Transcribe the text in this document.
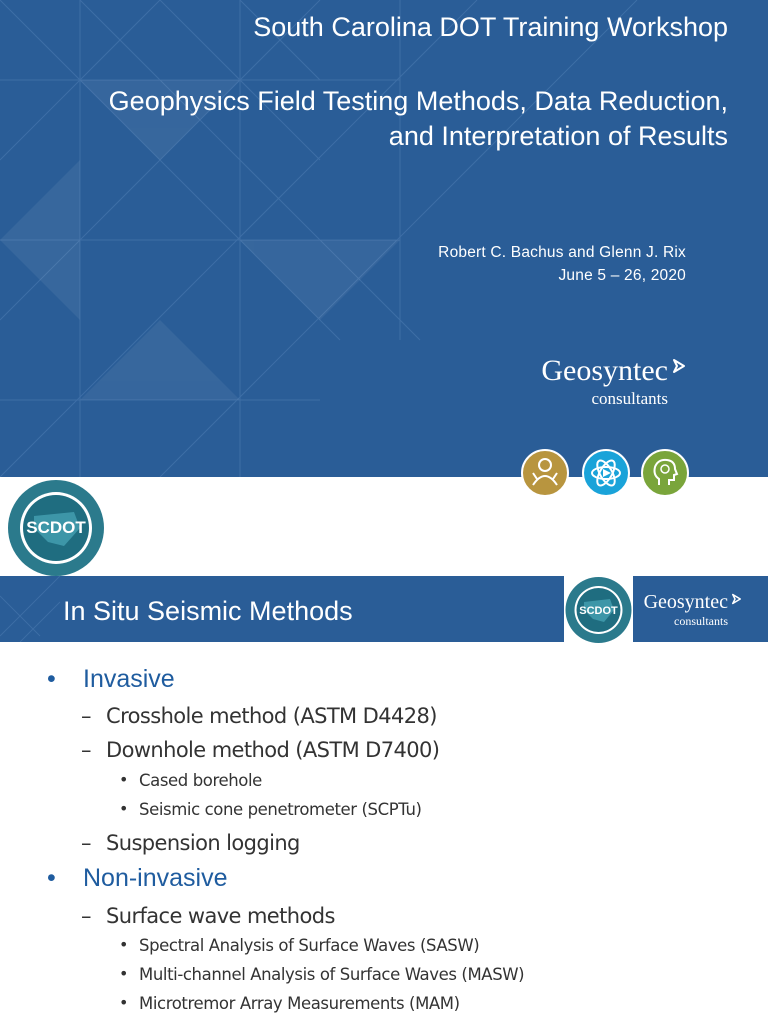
South Carolina DOT Training Workshop
Geophysics Field Testing Methods, Data Reduction,
and Interpretation of Results
Robert C. Bachus and Glenn J. Rix
June 5 – 26, 2020
Geosyntec
consultants
SCDOT
In Situ Seismic Methods	SCDOT Geosyntec
consultants
• Invasive
– Crosshole method (ASTM D4428)
– Downhole method (ASTM D7400)
• Cased borehole
• Seismic cone penetrometer (SCPTu)
– Suspension logging
• Non-invasive
– Surface wave methods
• Spectral Analysis of Surface Waves (SASW)
• Multi-channel Analysis of Surface Waves (MASW)
• Microtremor Array Measurements (MAM)
